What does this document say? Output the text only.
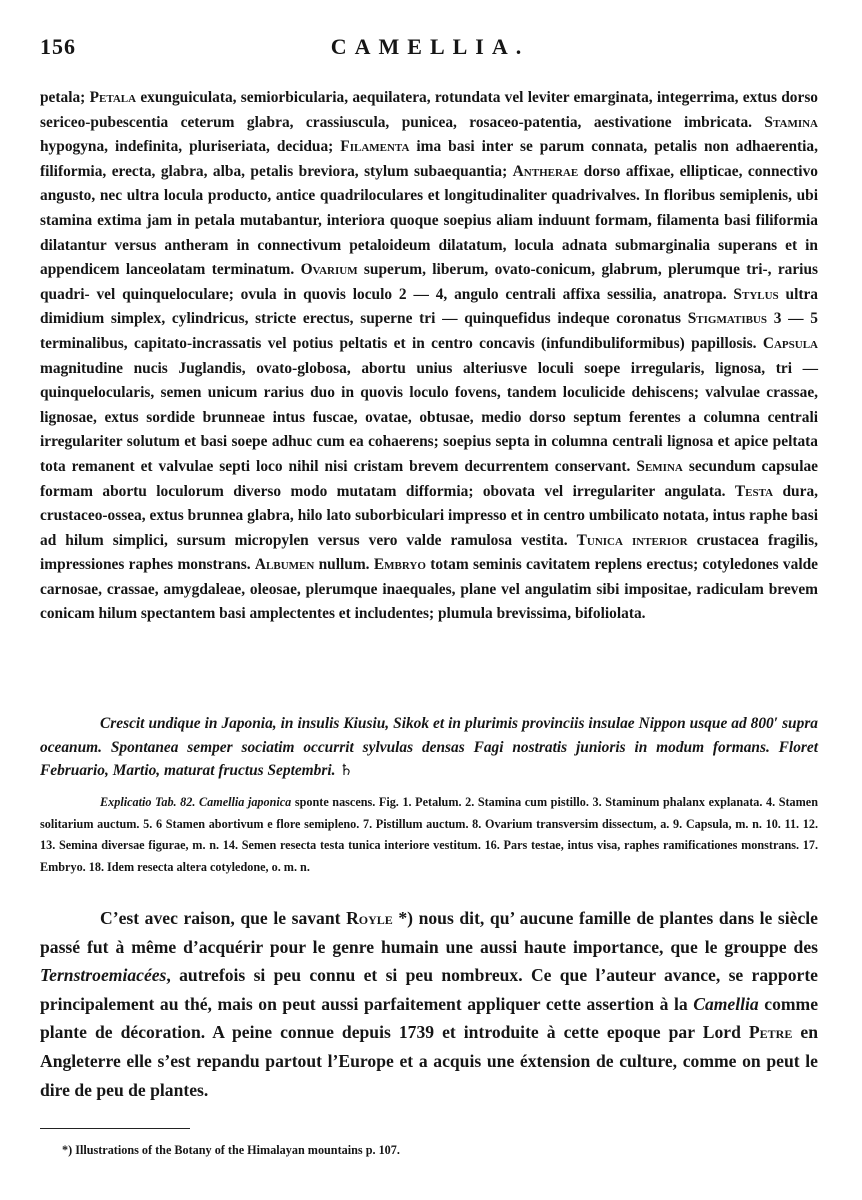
156	CAMELLIA.

petala; Petala exunguiculata, semiorbicularia, aequilatera, rotundata vel leviter emarginata, integerrima, extus dorso sericeo-pubescentia ceterum glabra, crassiuscula, punicea, rosaceo-patentia, aestivatione imbricata. Stamina hypogyna, indefinita, pluriseriata, decidua; Filamenta ima basi inter se parum connata, petalis non adhaerentia, filiformia, erecta, glabra, alba, petalis breviora, stylum subaequantia; Antherae dorso affixae, ellipticae, connectivo angusto, nec ultra locula producto, antice quadriloculares et longitudinaliter quadrivalves. In floribus semiplenis, ubi stamina extima jam in petala mutabantur, interiora quoque soepius aliam induunt formam, filamenta basi filiformia dilatantur versus antheram in connectivum petaloideum dilatatum, locula adnata submarginalia superans et in appendicem lanceolatam terminatum. Ovarium superum, liberum, ovato-conicum, glabrum, plerumque tri-, rarius quadri- vel quinqueloculare; ovula in quovis loculo 2 — 4, angulo centrali affixa sessilia, anatropa. Stylus ultra dimidium simplex, cylindricus, stricte erectus, superne tri — quinquefidus indeque coronatus Stigmatibus 3 — 5 terminalibus, capitato-incrassatis vel potius peltatis et in centro concavis (infundibuliformibus) papillosis. Capsula magnitudine nucis Juglandis, ovato-globosa, abortu unius alteriusve loculi soepe irregularis, lignosa, tri — quinquelocularis, semen unicum rarius duo in quovis loculo fovens, tandem loculicide dehiscens; valvulae crassae, lignosae, extus sordide brunneae intus fuscae, ovatae, obtusae, medio dorso septum ferentes a columna centrali irregulariter solutum et basi soepe adhuc cum ea cohaerens; soepius septa in columna centrali lignosa et apice peltata tota remanent et valvulae septi loco nihil nisi cristam brevem decurrentem conservant. Semina secundum capsulae formam abortu loculorum diverso modo mutatam difformia; obovata vel irregulariter angulata. Testa dura, crustaceo-ossea, extus brunnea glabra, hilo lato suborbiculari impresso et in centro umbilicato notata, intus raphe basi ad hilum simplici, sursum micropylen versus vero valde ramulosa vestita. Tunica interior crustacea fragilis, impressiones raphes monstrans. Albumen nullum. Embryo totam seminis cavitatem replens erectus; cotyledones valde carnosae, crassae, amygdaleae, oleosae, plerumque inaequales, plane vel angulatim sibi impositae, radiculam brevem conicam hilum spectantem basi amplectentes et includentes; plumula brevissima, bifoliolata.

Crescit undique in Japonia, in insulis Kiusiu, Sikok et in plurimis provinciis insulae Nippon usque ad 800′ supra oceanum. Spontanea semper sociatim occurrit sylvulas densas Fagi nostratis junioris in modum formans. Floret Februario, Martio, maturat fructus Septembri. ♄

Explicatio Tab. 82. Camellia japonica sponte nascens. Fig. 1. Petalum. 2. Stamina cum pistillo. 3. Staminum phalanx explanata. 4. Stamen solitarium auctum. 5. 6 Stamen abortivum e flore semipleno. 7. Pistillum auctum. 8. Ovarium transversim dissectum, a. 9. Capsula, m. n. 10. 11. 12. 13. Semina diversae figurae, m. n. 14. Semen resecta testa tunica interiore vestitum. 16. Pars testae, intus visa, raphes ramificationes monstrans. 17. Embryo. 18. Idem resecta altera cotyledone, o. m. n.

C’est avec raison, que le savant Royle *) nous dit, qu’ aucune famille de plantes dans le siècle passé fut à même d’acquérir pour le genre humain une aussi haute importance, que le grouppe des Ternstroemiacées, autrefois si peu connu et si peu nombreux. Ce que l’auteur avance, se rapporte principalement au thé, mais on peut aussi parfaitement appliquer cette assertion à la Camellia comme plante de décoration. A peine connue depuis 1739 et introduite à cette epoque par Lord Petre en Angleterre elle s’est repandu partout l’Europe et a acquis une éxtension de culture, comme on peut le dire de peu de plantes.

*) Illustrations of the Botany of the Himalayan mountains p. 107.
